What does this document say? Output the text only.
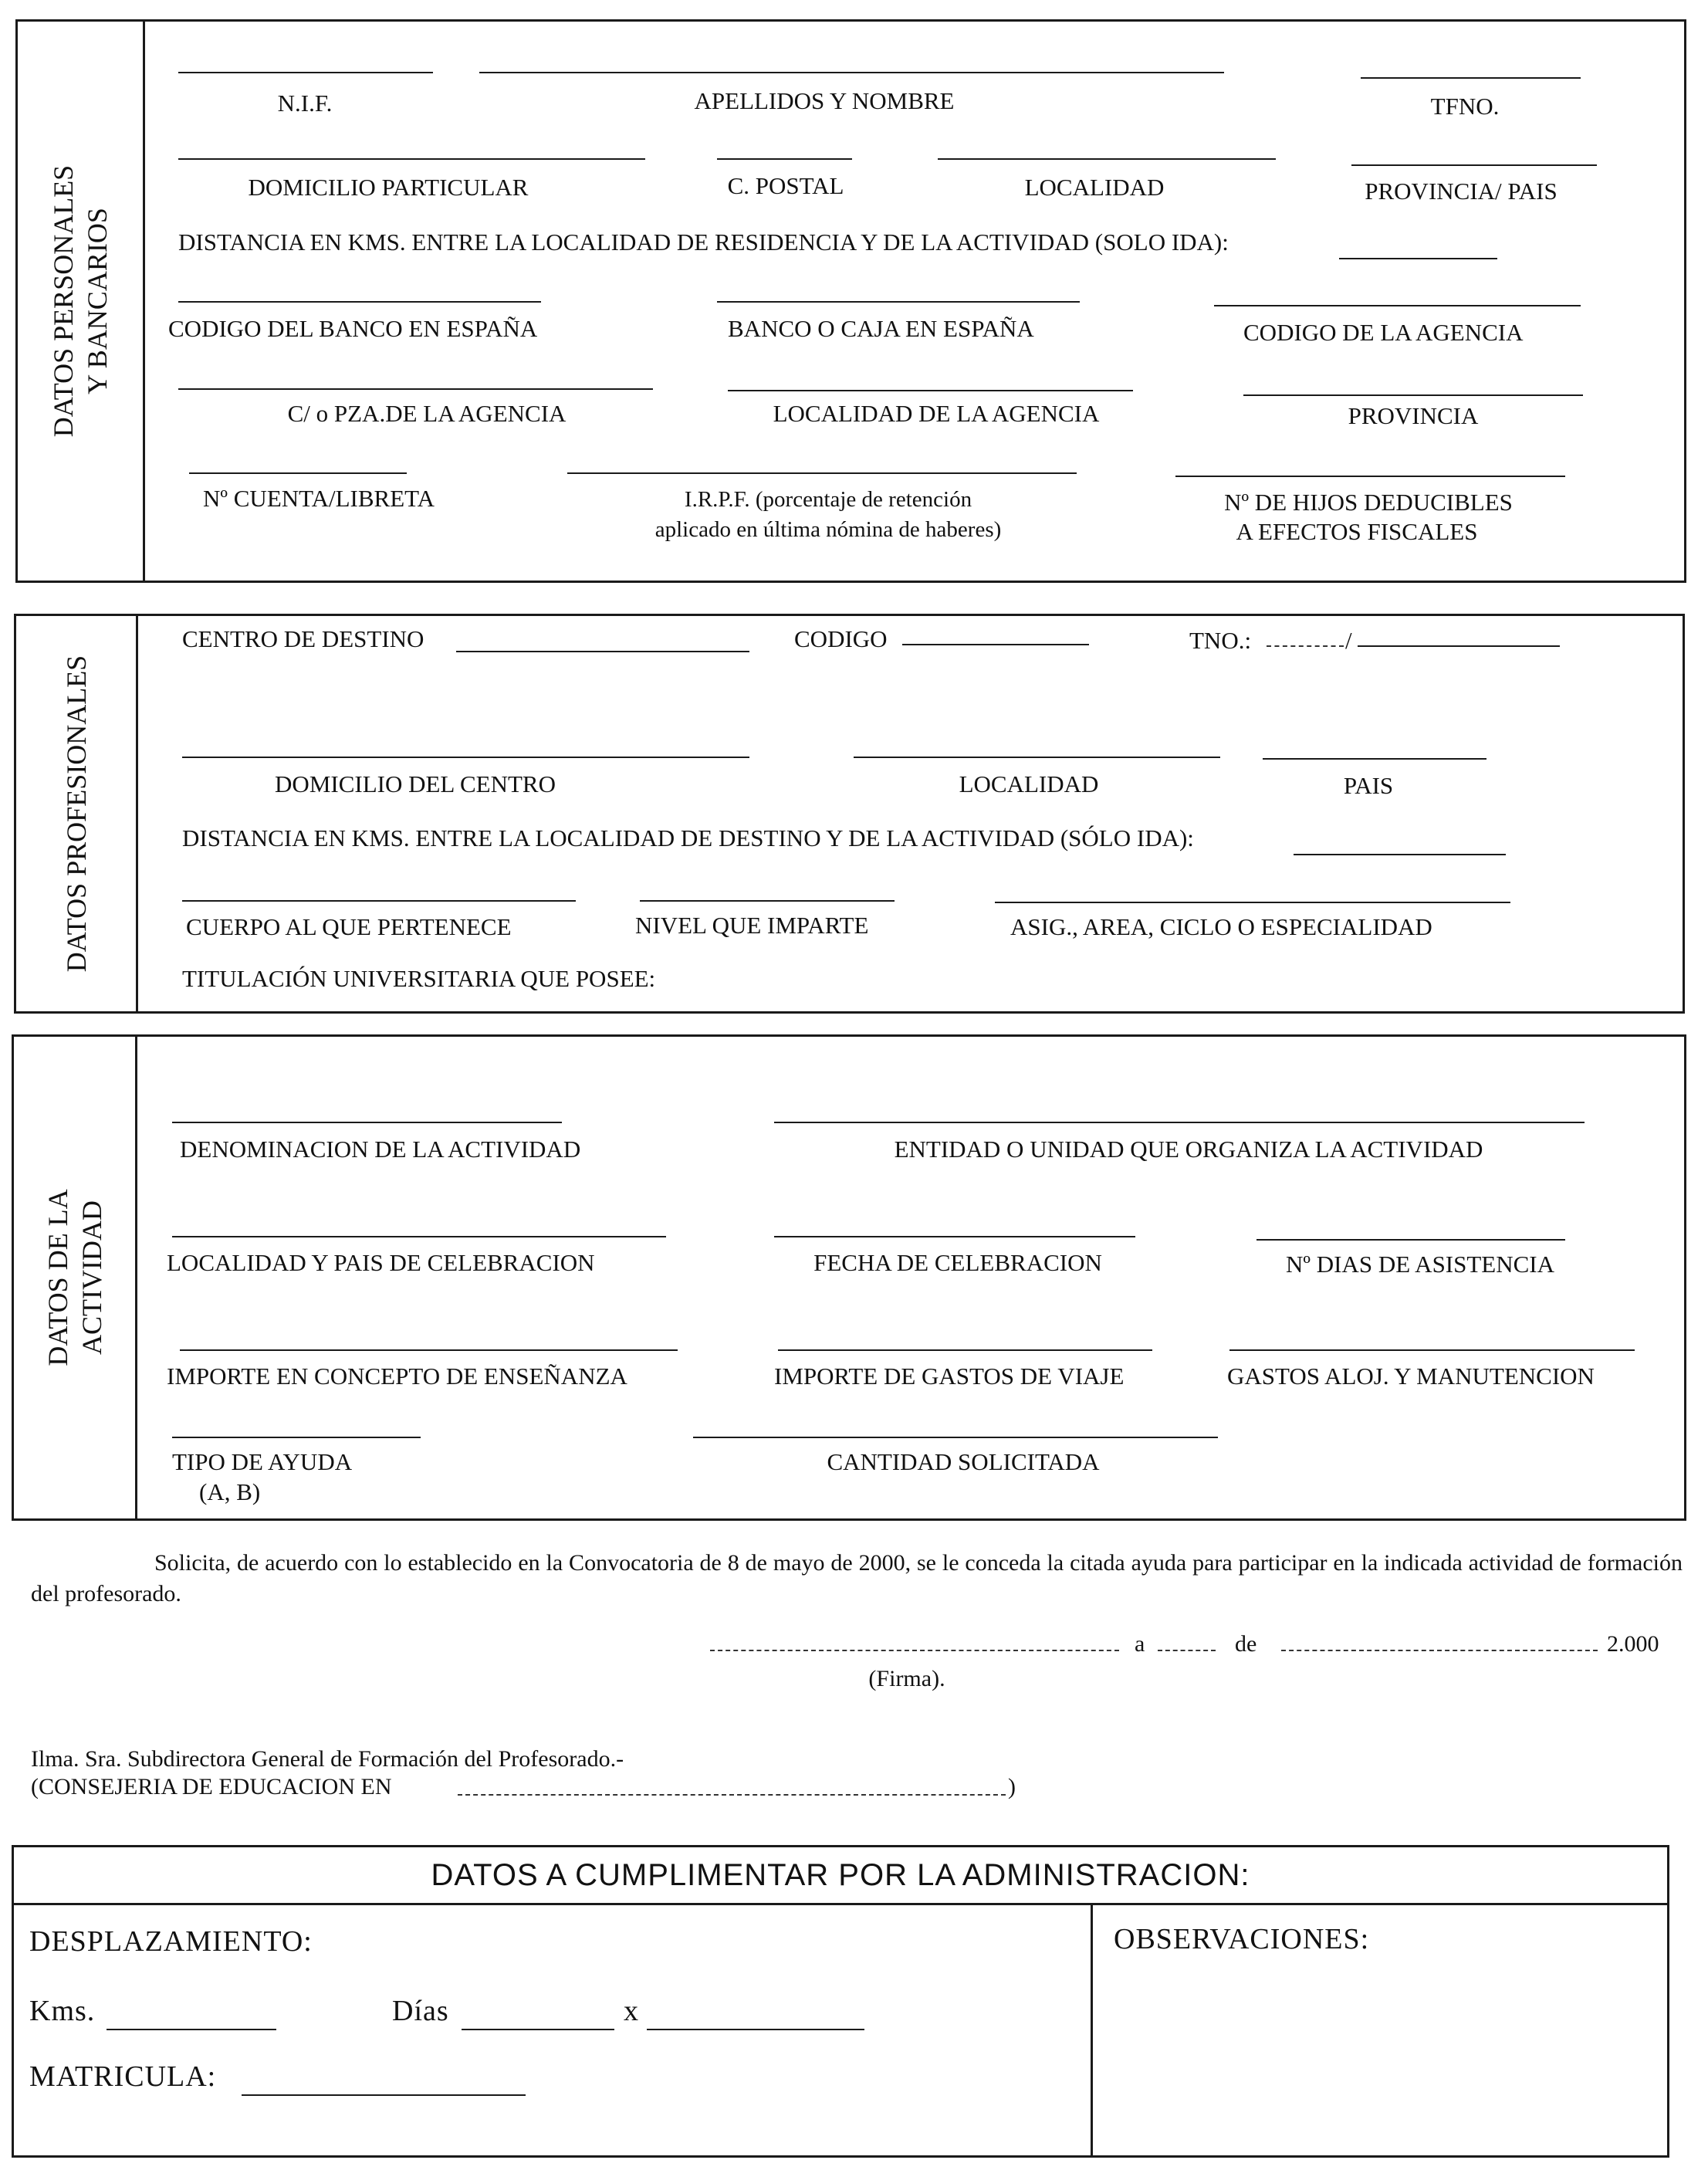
DATOS PERSONALES
Y BANCARIOS
N.I.F.	APELLIDOS Y NOMBRE	TFNO.
DOMICILIO PARTICULAR	C. POSTAL	LOCALIDAD	PROVINCIA/ PAIS
DISTANCIA EN KMS. ENTRE LA LOCALIDAD DE RESIDENCIA Y DE LA ACTIVIDAD (SOLO IDA):
CODIGO DEL BANCO EN ESPAÑA	BANCO O CAJA EN ESPAÑA	CODIGO DE LA AGENCIA
C/ o PZA.DE LA AGENCIA	LOCALIDAD DE LA AGENCIA	PROVINCIA
Nº CUENTA/LIBRETA	I.R.P.F. (porcentaje de retención
aplicado en última nómina de haberes)
Nº DE HIJOS DEDUCIBLES
A EFECTOS FISCALES
DATOS PROFESIONALES
CENTRO DE DESTINO	CODIGO	TNO.:	/
DOMICILIO DEL CENTRO	LOCALIDAD	PAIS
DISTANCIA EN KMS. ENTRE LA LOCALIDAD DE DESTINO Y DE LA ACTIVIDAD (SÓLO IDA):
CUERPO AL QUE PERTENECE	NIVEL QUE IMPARTE	ASIG., AREA, CICLO O ESPECIALIDAD
TITULACIÓN UNIVERSITARIA QUE POSEE:
DATOS DE LA
ACTIVIDAD
DENOMINACION DE LA ACTIVIDAD	ENTIDAD O UNIDAD QUE ORGANIZA LA ACTIVIDAD
LOCALIDAD Y PAIS DE CELEBRACION	FECHA DE CELEBRACION	Nº DIAS DE ASISTENCIA
IMPORTE EN CONCEPTO DE ENSEÑANZA	IMPORTE DE GASTOS DE VIAJE	GASTOS ALOJ. Y MANUTENCION
TIPO DE AYUDA
(A, B)
CANTIDAD SOLICITADA
Solicita, de acuerdo con lo establecido en la Convocatoria de 8 de mayo de 2000, se le conceda la citada ayuda para participar en la indicada actividad de formación del profesorado.
a	de	2.000
(Firma).
Ilma. Sra. Subdirectora General de Formación del Profesorado.-
(CONSEJERIA DE EDUCACION EN	)
DATOS A CUMPLIMENTAR POR LA ADMINISTRACION:
DESPLAZAMIENTO:
Kms.	Días	x
MATRICULA:
OBSERVACIONES:
